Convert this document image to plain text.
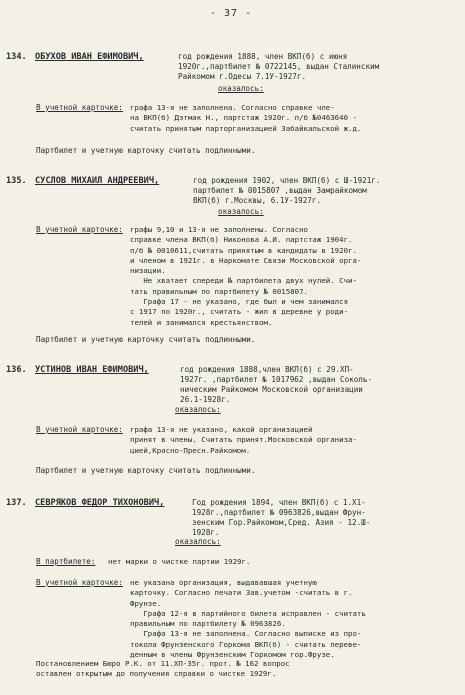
- 37 -
134. ОБУХОВ ИВАН ЕФИМОВИЧ,	год рождения 1888, член ВКП(б) с июня
1920г.,партбилет № 0722145, выдан Сталинским
Райкомом г.Одесы 7.1У-1927г.
оказалось:
В учетной карточке: графа 13-я не заполнена. Согласно справке чле-
на ВКП(б) Дэтмак Н., партстаж 1920г. п/б №0463640 -
считать принятым парторганизацией Забайкальской ж.д.
Партбилет и учетную карточку считать подлинными.
135. СУСЛОВ МИХАИЛ АНДРЕЕВИЧ,	год рождения 1902, член ВКП(б) с Ш-1921г.
партбилет № 0015807 ,выдан Замрайкомом
ВКП(б) г.Москвы, 6.1У-1927г.
оказалось:
В учетной карточке: графы 9,10 и 13-я не заполнены. Согласно
справке члена ВКП(б) Никонова А.И. партстаж 1904г.
п/б № 0010611,считать принятым в кандидаты в 1920г.
и членом в 1921г. в Наркомате Связи Московской орга-
низации.
Не хватает спереди № партбилета двух нулей. Счи-
тать правильным по партбилету № 0015807.
Графа 17 - не указано, где был и чем занимался
с 1917 по 1920г., считать - жил в деревне у роди-
телей и занимался крестьянством.
Партбилет и учетную карточку считать подлинными.
136. УСТИНОВ ИВАН ЕФИМОВИЧ,	год рождения 1888,член ВКП(б) с 29.ХП-
1927г. ,партбилет № 1017962 ,выдан Соколь-
ническим Райкомом Московской организации
26.1-1928г.
оказалось:
В учетной карточке: графа 13-я не указано, какой организацией
принят в члены. Считать принят.Московской организа-
цией,Красно-Пресн.Райкомом.
Партбилет и учетную карточку считать подлинными.
137. СЕВРЯКОВ ФЕДОР ТИХОНОВИЧ,	Год рождения 1894, член ВКП(б) с 1.Х1-
1928г.,партбилет № 0963826,выдан Фрун-
зенским Гор.Райкомом,Сред. Азия - 12.Ш-
1928г.
оказалось:
В партбилете: нет марки о чистке партии 1929г.
В учетной карточке: не указана организация, выдававшая учетную
карточку. Согласно печати Зав.учетом -считать в г.
Фрунзе.
Графа 12-я в партийного билета исправлен - считать
правильным по партбилету № 0963826.
Графа 13-я не заполнена. Согласно выписке из про-
токола Фрунзенского Горкома ВКП(б) - считать переве-
денным в члены Фрунзенским Горкомом гор.Фрузе.
Постановлением Бюро Р.К. от 11.ХП-35г. прот. № 162 вопрос
оставлен открытым до получения справки о чистке 1929г.
